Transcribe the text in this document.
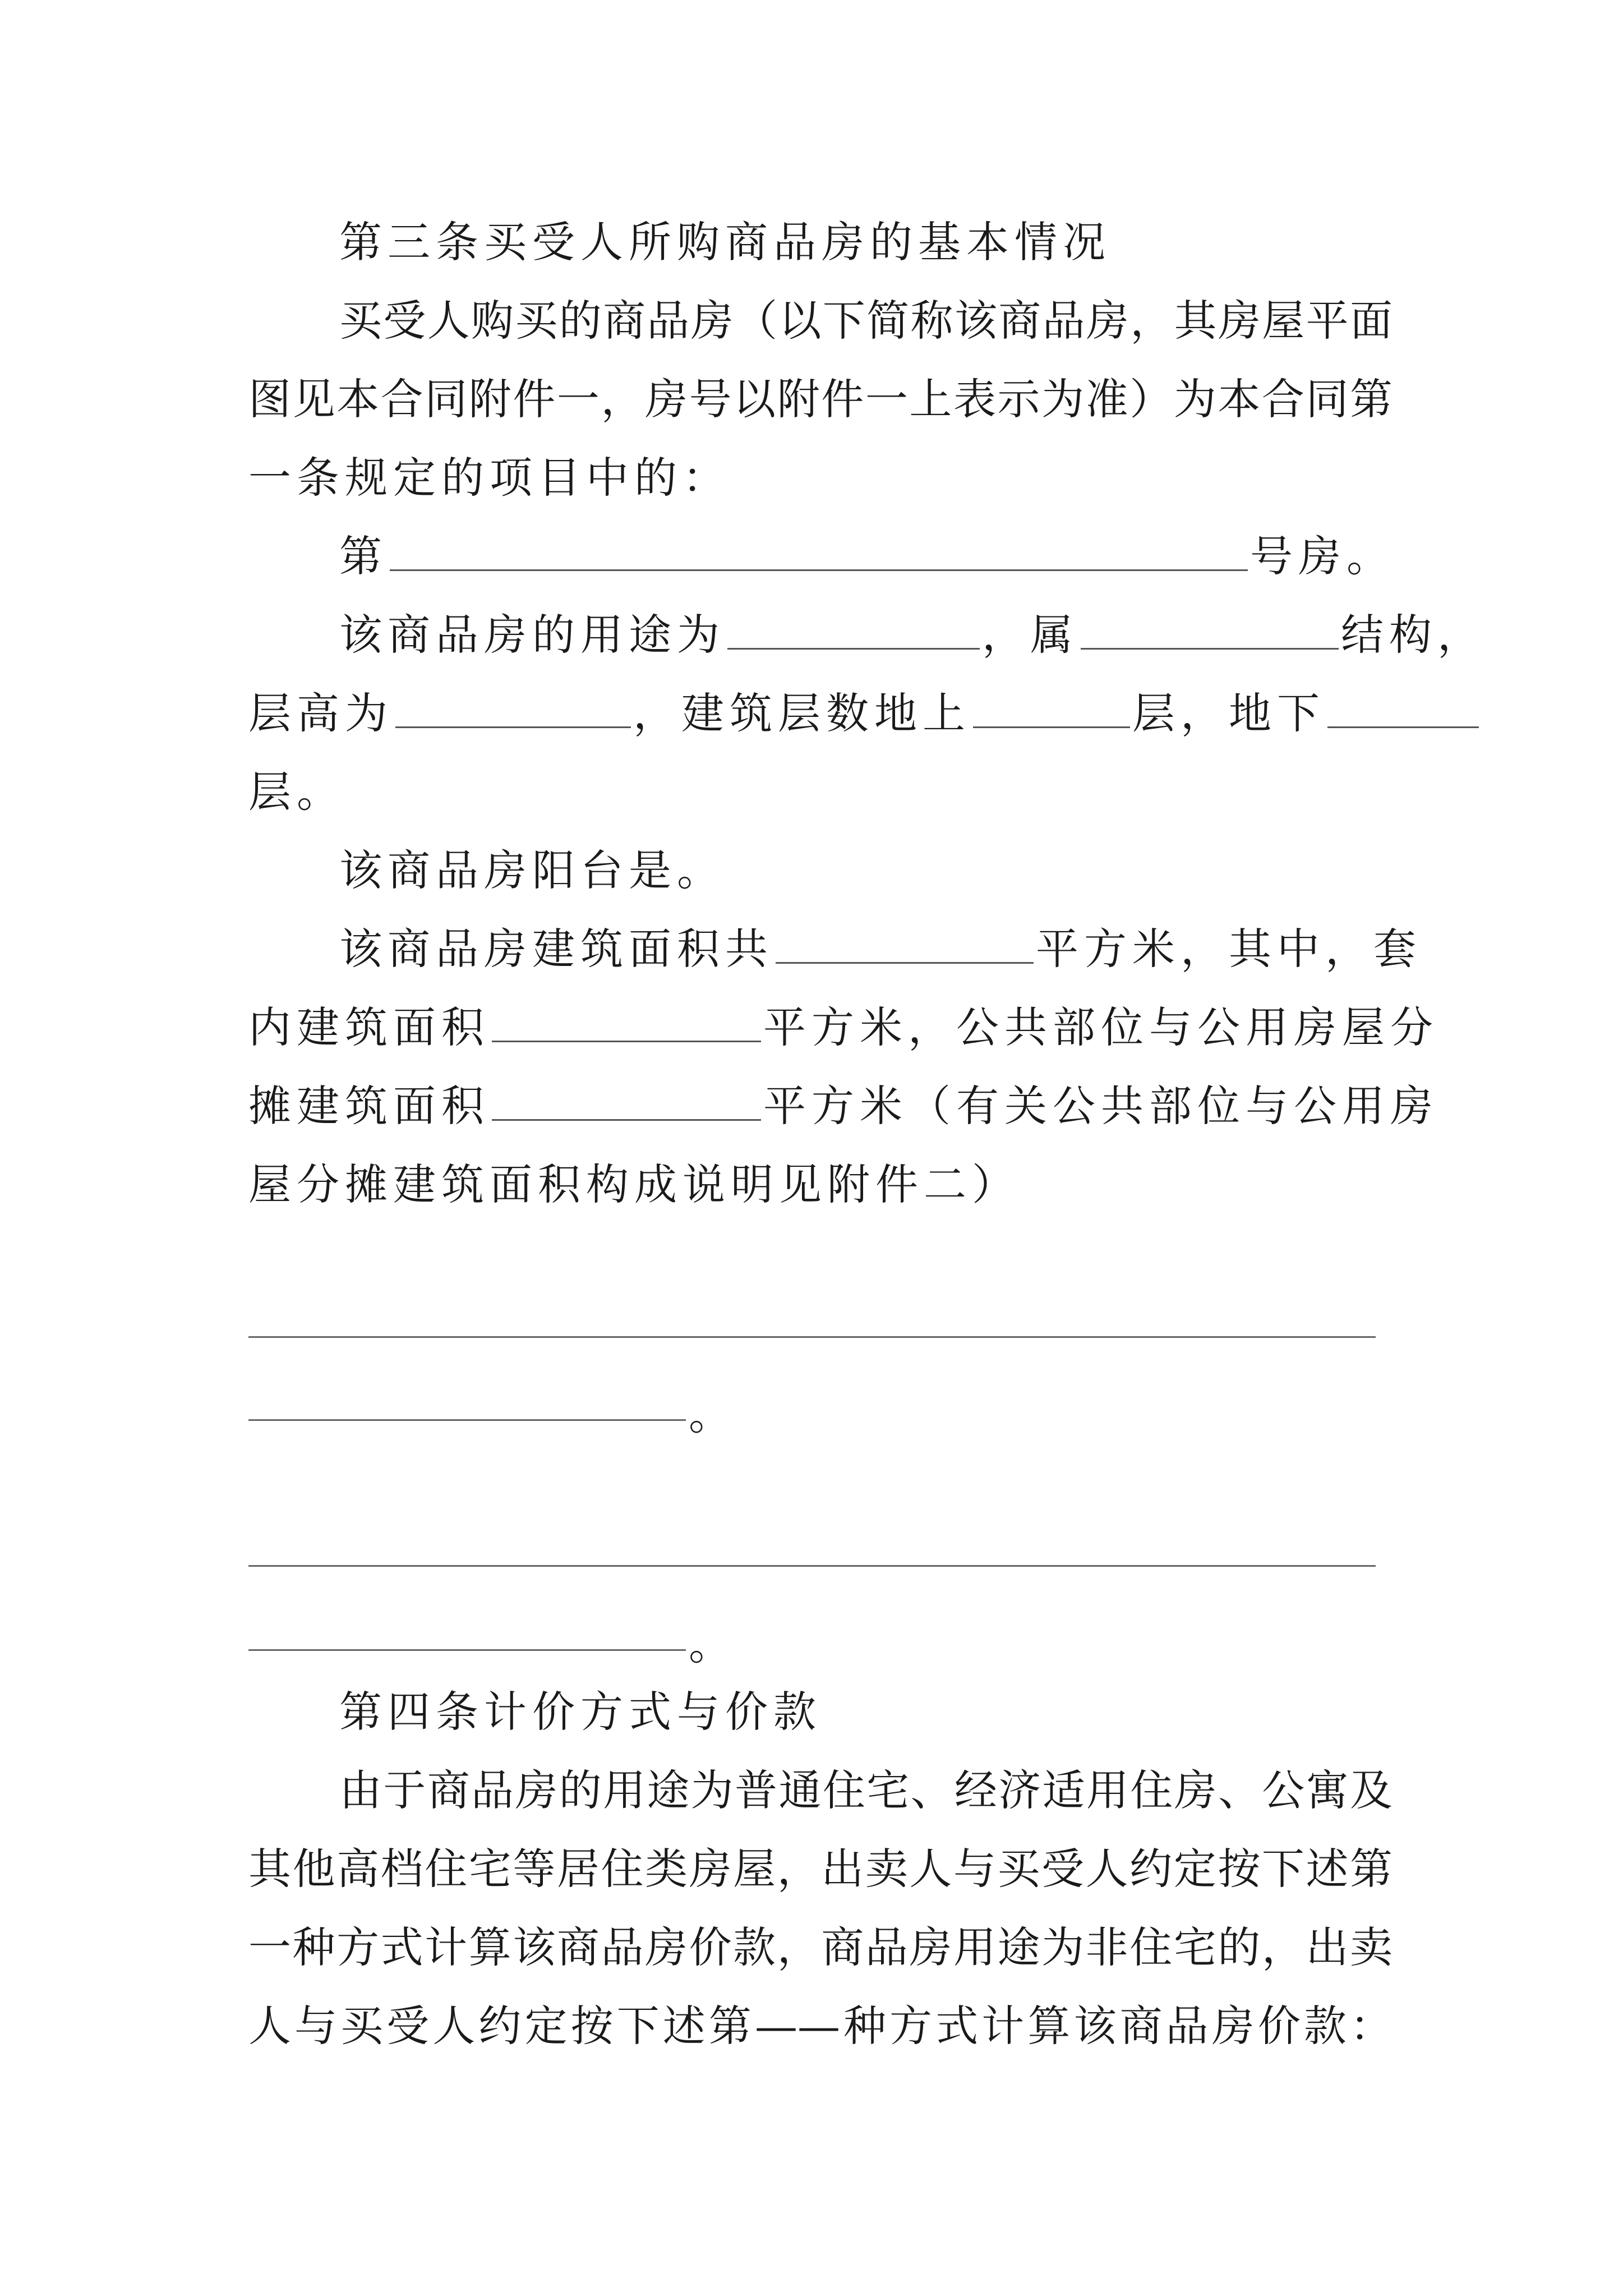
第三条买受人所购商品房的基本情况
买受人购买的商品房（以下简称该商品房，其房屋平面
图见本合同附件一，房号以附件一上表示为准）为本合同第
一条规定的项目中的：
第	号房。
该商品房的用途为	，属	结构，
层高为	，建筑层数地上	层，地下
层。
该商品房阳台是。
该商品房建筑面积共	平方米，其中，套
内建筑面积	平方米，公共部位与公用房屋分
摊建筑面积	平方米（有关公共部位与公用房
屋分摊建筑面积构成说明见附件二）
。
。
第四条计价方式与价款
由于商品房的用途为普通住宅、经济适用住房、公寓及
其他高档住宅等居住类房屋，出卖人与买受人约定按下述第
一种方式计算该商品房价款，商品房用途为非住宅的，出卖
人与买受人约定按下述第——种方式计算该商品房价款：
